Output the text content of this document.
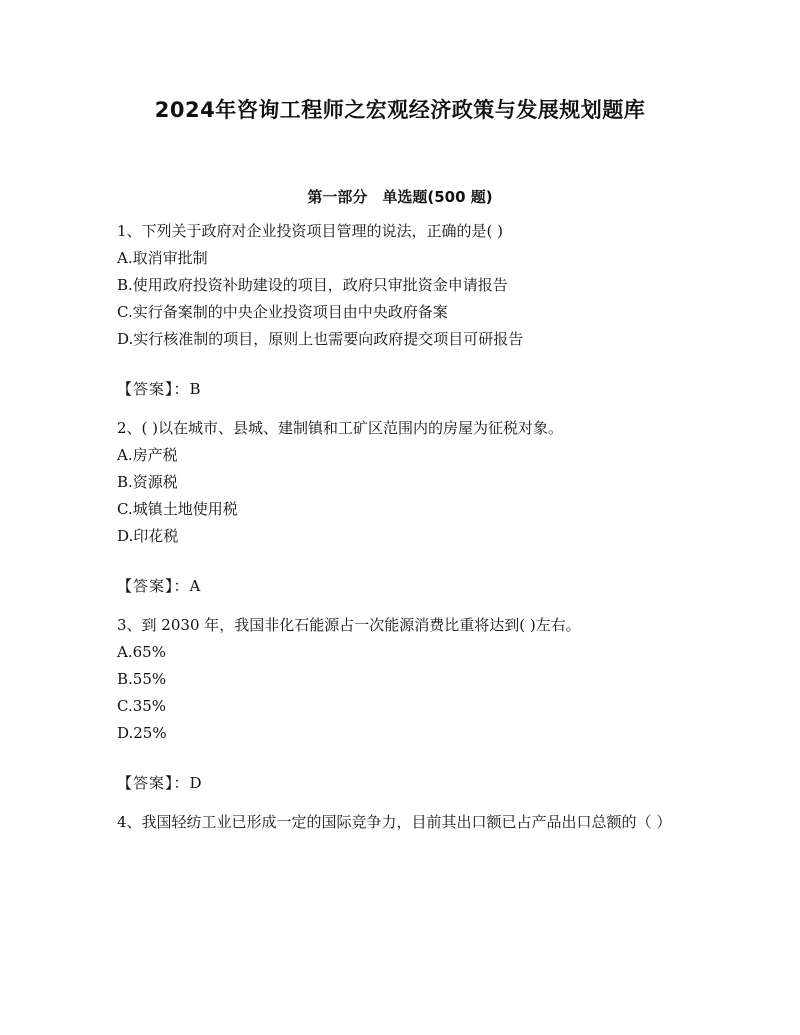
2024年咨询工程师之宏观经济政策与发展规划题库
第一部分　单选题(500 题)

1、下列关于政府对企业投资项目管理的说法，正确的是( )

A.取消审批制

B.使用政府投资补助建设的项目，政府只审批资金申请报告

C.实行备案制的中央企业投资项目由中央政府备案

D.实行核准制的项目，原则上也需要向政府提交项目可研报告

【答案】：B

2、( )以在城市、县城、建制镇和工矿区范围内的房屋为征税对象。

A.房产税

B.资源税

C.城镇土地使用税

D.印花税

【答案】：A

3、到 2030 年，我国非化石能源占一次能源消费比重将达到( )左右。

A.65%

B.55%

C.35%

D.25%

【答案】：D

4、我国轻纺工业已形成一定的国际竞争力，目前其出口额已占产品出口总额的（ ）
